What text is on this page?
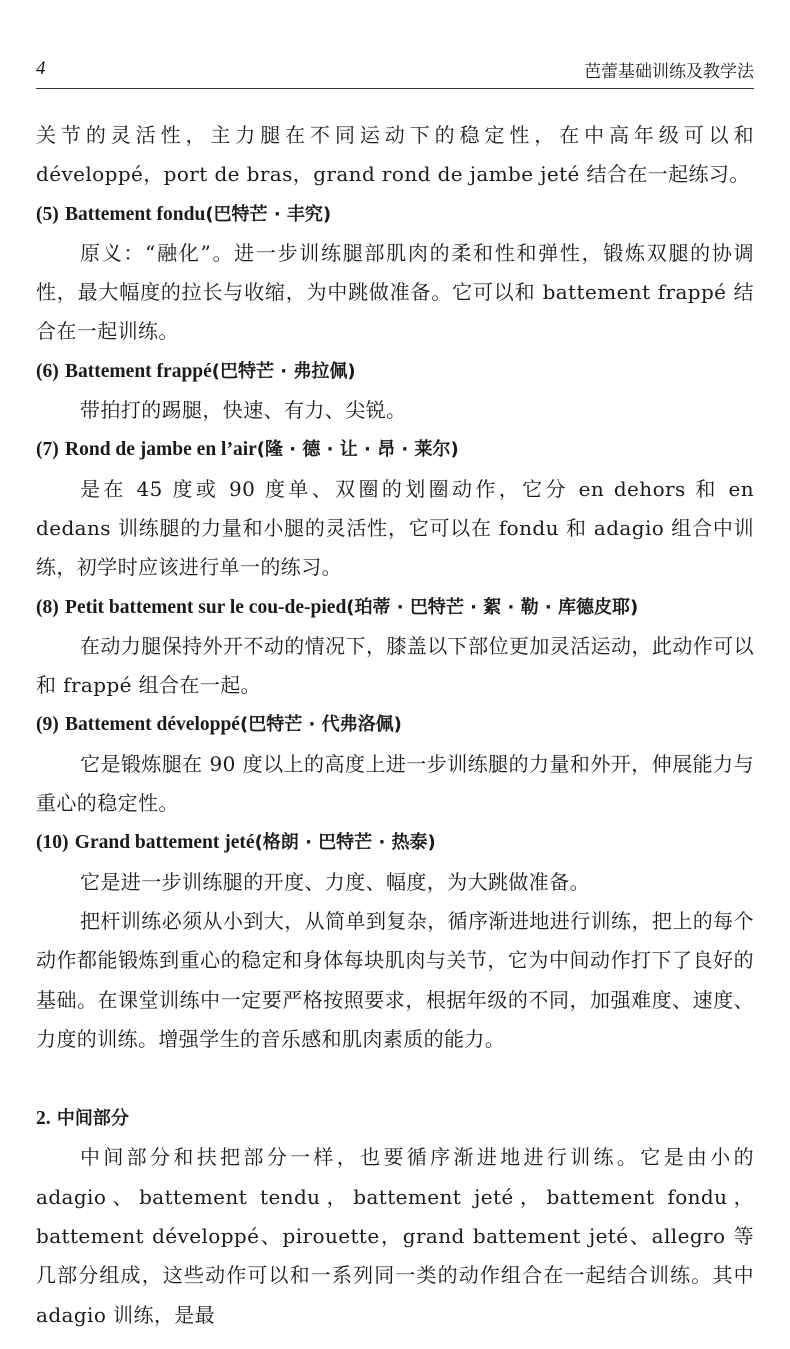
4	芭蕾基础训练及教学法

关节的灵活性，主力腿在不同运动下的稳定性，在中高年级可以和 développé，port de bras，grand rond de jambe jeté 结合在一起练习。

(5) Battement fondu(巴特芒 · 丰究)

原义：“融化”。进一步训练腿部肌肉的柔和性和弹性，锻炼双腿的协调性，最大幅度的拉长与收缩，为中跳做准备。它可以和 battement frappé 结合在一起训练。

(6) Battement frappé(巴特芒 · 弗拉佩)

带拍打的踢腿，快速、有力、尖锐。

(7) Rond de jambe en l’air(隆 · 德 · 让 · 昂 · 莱尔)

是在 45 度或 90 度单、双圈的划圈动作，它分 en dehors 和 en dedans 训练腿的力量和小腿的灵活性，它可以在 fondu 和 adagio 组合中训练，初学时应该进行单一的练习。

(8) Petit battement sur le cou-de-pied(珀蒂 · 巴特芒 · 絮 · 勒 · 库德皮耶)

在动力腿保持外开不动的情况下，膝盖以下部位更加灵活运动，此动作可以和 frappé 组合在一起。

(9) Battement développé(巴特芒 · 代弗洛佩)

它是锻炼腿在 90 度以上的高度上进一步训练腿的力量和外开，伸展能力与重心的稳定性。

(10) Grand battement jeté(格朗 · 巴特芒 · 热泰)

它是进一步训练腿的开度、力度、幅度，为大跳做准备。

把杆训练必须从小到大，从简单到复杂，循序渐进地进行训练，把上的每个动作都能锻炼到重心的稳定和身体每块肌肉与关节，它为中间动作打下了良好的基础。在课堂训练中一定要严格按照要求，根据年级的不同，加强难度、速度、力度的训练。增强学生的音乐感和肌肉素质的能力。

2. 中间部分

中间部分和扶把部分一样，也要循序渐进地进行训练。它是由小的 adagio、battement tendu，battement jeté，battement fondu，battement développé、pirouette，grand battement jeté、allegro 等几部分组成，这些动作可以和一系列同一类的动作组合在一起结合训练。其中 adagio 训练，是最
